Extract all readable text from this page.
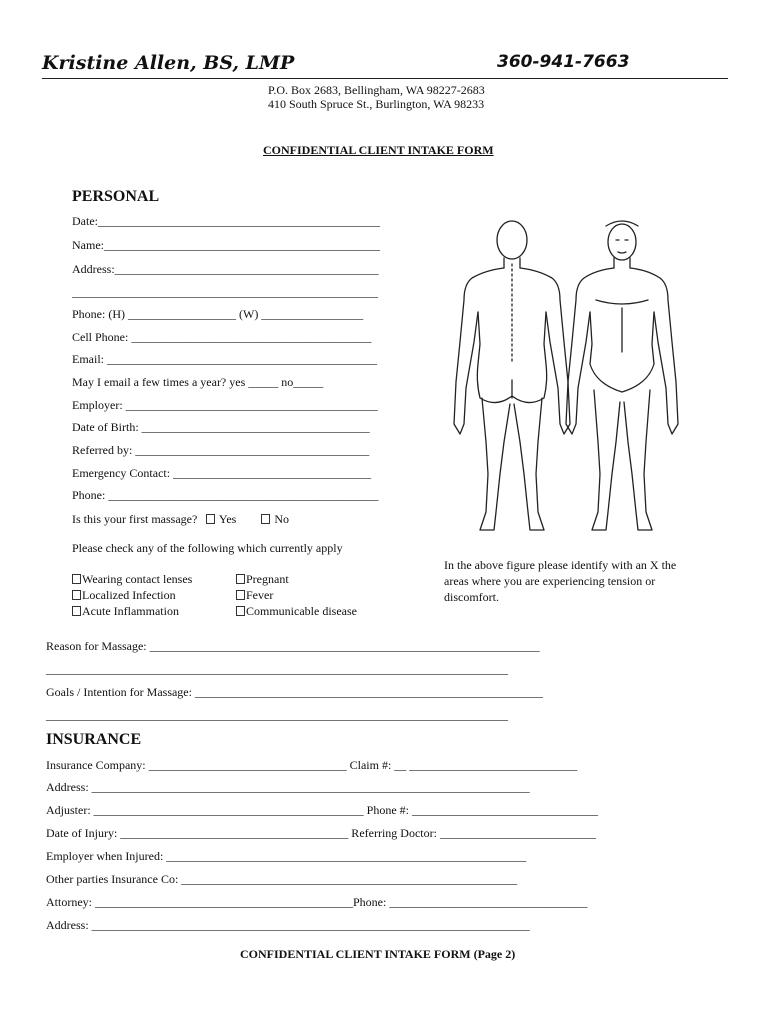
Kristine Allen, BS, LMP	360-941-7663
P.O. Box 2683, Bellingham, WA 98227-2683
410 South Spruce St., Burlington, WA 98233
CONFIDENTIAL CLIENT INTAKE FORM
PERSONAL
Date:_______________________________________________
Name:______________________________________________
Address:____________________________________________
___________________________________________________
Phone: (H) __________________ (W) _________________
Cell Phone: ________________________________________
Email: _____________________________________________
May I email a few times a year? yes _____ no_____
Employer: __________________________________________
Date of Birth: ______________________________________
Referred by: _______________________________________
Emergency Contact: _________________________________
Phone: _____________________________________________
Is this your first massage? Yes	No
Please check any of the following which currently apply
Wearing contact lenses
Localized Infection
Acute Inflammation
Pregnant
Fever
Communicable disease
In the above figure please identify with an X the areas where you are experiencing tension or discomfort.
Reason for Massage: _________________________________________________________________
_____________________________________________________________________________
Goals / Intention for Massage: __________________________________________________________
_____________________________________________________________________________
INSURANCE
Insurance Company: _________________________________ Claim #: __ ____________________________
Address: _________________________________________________________________________
Adjuster: _____________________________________________ Phone #: _______________________________
Date of Injury: ______________________________________ Referring Doctor: __________________________
Employer when Injured: ____________________________________________________________
Other parties Insurance Co: ________________________________________________________
Attorney: ___________________________________________Phone: _________________________________
Address: _________________________________________________________________________
CONFIDENTIAL CLIENT INTAKE FORM (Page 2)
